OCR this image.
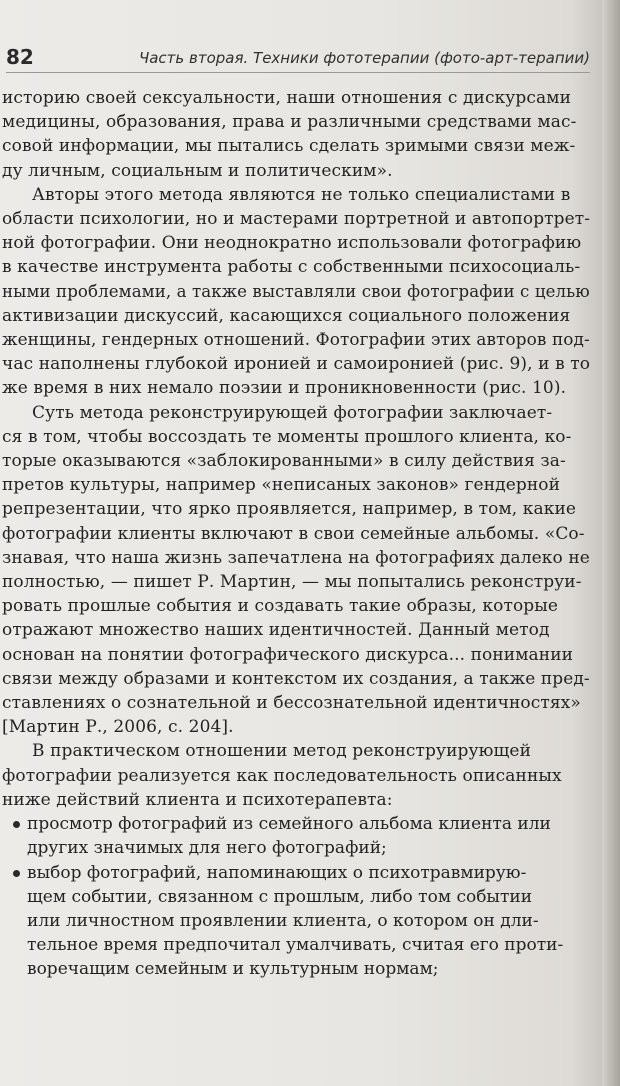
82	Часть вторая. Техники фототерапии (фото-арт-терапии)

историю своей сексуальности, наши отношения с дискурсами
медицины, образования, права и различными средствами мас-
совой информации, мы пытались сделать зримыми связи меж-
ду личным, социальным и политическим».

Авторы этого метода являются не только специалистами в
области психологии, но и мастерами портретной и автопортрет-
ной фотографии. Они неоднократно использовали фотографию
в качестве инструмента работы с собственными психосоциаль-
ными проблемами, а также выставляли свои фотографии с целью
активизации дискуссий, касающихся социального положения
женщины, гендерных отношений. Фотографии этих авторов под-
час наполнены глубокой иронией и самоиронией (рис. 9), и в то
же время в них немало поэзии и проникновенности (рис. 10).

Суть метода реконструирующей фотографии заключает-
ся в том, чтобы воссоздать те моменты прошлого клиента, ко-
торые оказываются «заблокированными» в силу действия за-
претов культуры, например «неписаных законов» гендерной
репрезентации, что ярко проявляется, например, в том, какие
фотографии клиенты включают в свои семейные альбомы. «Со-
знавая, что наша жизнь запечатлена на фотографиях далеко не
полностью, — пишет Р. Мартин, — мы попытались реконструи-
ровать прошлые события и создавать такие образы, которые
отражают множество наших идентичностей. Данный метод
основан на понятии фотографического дискурса... понимании
связи между образами и контекстом их создания, а также пред-
ставлениях о сознательной и бессознательной идентичностях»
[Мартин Р., 2006, с. 204].

В практическом отношении метод реконструирующей
фотографии реализуется как последовательность описанных
ниже действий клиента и психотерапевта:

просмотр фотографий из семейного альбома клиента или
других значимых для него фотографий;
выбор фотографий, напоминающих о психотравмирую-
щем событии, связанном с прошлым, либо том событии
или личностном проявлении клиента, о котором он дли-
тельное время предпочитал умалчивать, считая его проти-
воречащим семейным и культурным нормам;
